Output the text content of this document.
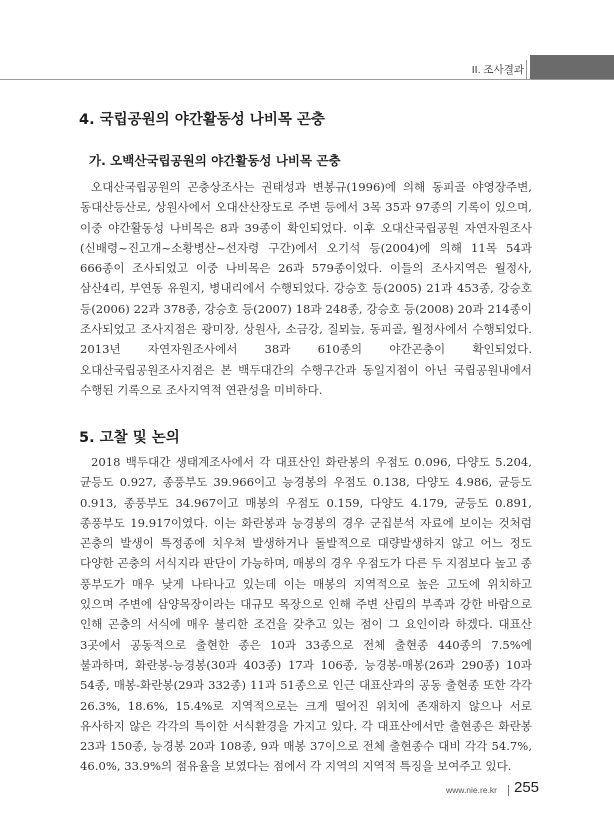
II. 조사결과
4. 국립공원의 야간활동성 나비목 곤충
가. 오백산국립공원의 야간활동성 나비목 곤충

오대산국립공원의 곤충상조사는 권태성과 변봉규(1996)에 의해 동피골 야영장주변, 동대산등산로, 상원사에서 오대산산장도로 주변 등에서 3목 35과 97종의 기록이 있으며, 이중 야간활동성 나비목은 8과 39종이 확인되었다. 이후 오대산국립공원 자연자원조사(신배령~진고개~소황병산~선자령 구간)에서 오기석 등(2004)에 의해 11목 54과 666종이 조사되었고 이중 나비목은 26과 579종이었다. 이들의 조사지역은 월정사, 삼산4리, 부연동 유원지, 병내리에서 수행되었다. 강승호 등(2005) 21과 453종, 강승호 등(2006) 22과 378종, 강승호 등(2007) 18과 248종, 강승호 등(2008) 20과 214종이 조사되었고 조사지점은 광미장, 상원사, 소금강, 질뫼늪, 동피골, 월정사에서 수행되었다. 2013년 자연자원조사에서 38과 610종의 야간곤충이 확인되었다. 오대산국립공원조사지점은 본 백두대간의 수행구간과 동일지점이 아닌 국립공원내에서 수행된 기록으로 조사지역적 연관성을 미비하다.

5. 고찰 및 논의

2018 백두대간 생태계조사에서 각 대표산인 화란봉의 우점도 0.096, 다양도 5.204, 균등도 0.927, 종풍부도 39.966이고 능경봉의 우점도 0.138, 다양도 4.986, 균등도 0.913, 종풍부도 34.967이고 매봉의 우점도 0.159, 다양도 4.179, 균등도 0.891, 종풍부도 19.917이였다. 이는 화란봉과 능경봉의 경우 군집분석 자료에 보이는 것처럼 곤충의 발생이 특정종에 치우쳐 발생하거나 돌발적으로 대량발생하지 않고 어느 정도 다양한 곤충의 서식지라 판단이 가능하며, 매봉의 경우 우점도가 다른 두 지점보다 높고 종 풍부도가 매우 낮게 나타나고 있는데 이는 매봉의 지역적으로 높은 고도에 위치하고 있으며 주변에 삼양목장이라는 대규모 목장으로 인해 주변 산림의 부족과 강한 바람으로 인해 곤충의 서식에 매우 불리한 조건을 갖추고 있는 점이 그 요인이라 하겠다. 대표산 3곳에서 공동적으로 출현한 종은 10과 33종으로 전체 출현종 440종의 7.5%에 불과하며, 화란봉-능경봉(30과 403종) 17과 106종, 능경봉-매봉(26과 290종) 10과 54종, 매봉-화란봉(29과 332종) 11과 51종으로 인근 대표산과의 공동 출현종 또한 각각 26.3%, 18.6%, 15.4%로 지역적으로는 크게 떨어진 위치에 존재하지 않으나 서로 유사하지 않은 각각의 특이한 서식환경을 가지고 있다. 각 대표산에서만 출현종은 화란봉 23과 150종, 능경봉 20과 108종, 9과 매봉 37이으로 전체 출현종수 대비 각각 54.7%, 46.0%, 33.9%의 점유율을 보였다는 점에서 각 지역의 지역적 특징을 보여주고 있다.

www.nie.re.kr 255
